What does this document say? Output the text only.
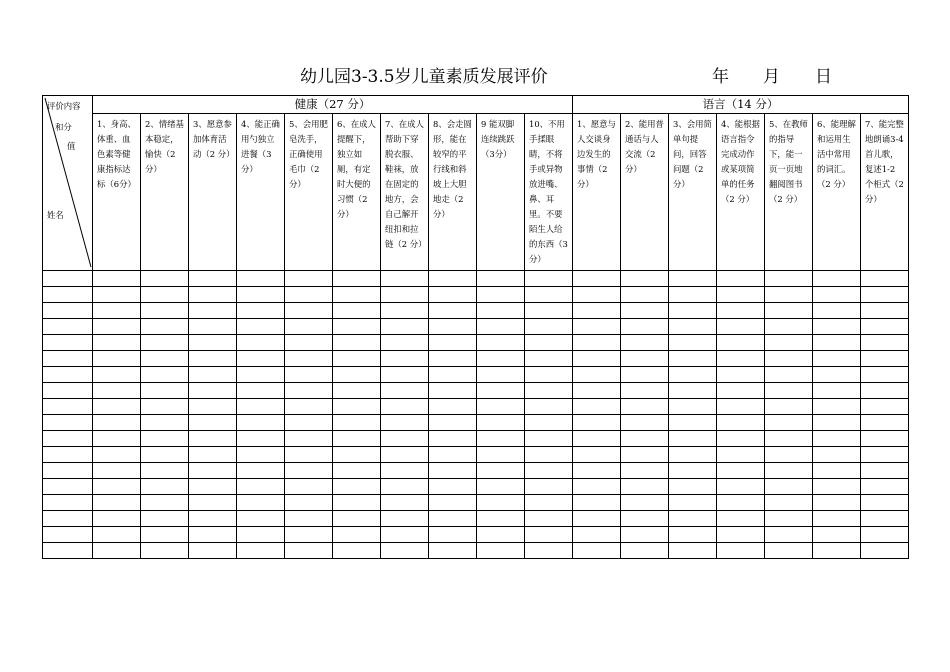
幼儿园3-3.5岁儿童素质发展评价	年 月 日
评价内容
和分
值
姓名	健康（27 分）										语言（14 分）						
	1、身高、体重、血色素等健康指标达标（6分）	2、情绪基本稳定，愉快（2 分）	3、愿意参加体育活动（2 分）	4、能正确用勺独立进餐（3 分）	5、会用肥皂洗手，正确使用毛巾（2 分）	6、在成人提醒下，独立如厕，有定时大便的习惯（2 分）	7、在成人帮助下穿脱衣服、鞋袜，放在固定的地方，会自己解开纽扣和拉链（2 分）	8、会走圆形，能在较窄的平行线和斜坡上大胆地走（2 分）	9 能双脚连续跳跃（3分）	10、不用手揉眼睛，不将手或异物放进嘴、鼻、耳里。不要陌生人给的东西（3 分）	1、愿意与人交谈身边发生的事情（2 分）	2、能用普通话与人交流（2 分）	3、会用简单句提问，回答问题（2 分）	4、能根据语言指令完成动作或某项简单的任务（2 分）	5、在教师的指导下，能一页一页地翻阅图书（2 分）	6、能理解和运用生活中常用的词汇。（2 分）	7、能完整地朗诵3-4 首儿歌，复述1-2 个柜式（2 分）
